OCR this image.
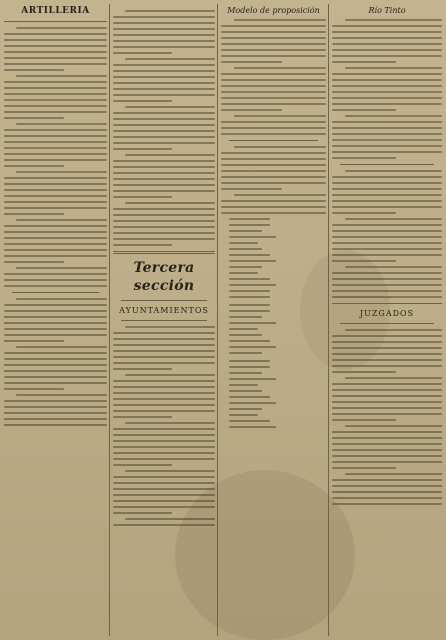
ARTILLERÍA
Tercera sección
AYUNTAMIENTOS
Modelo de proposición	Río Tinto
JUZGADOS
